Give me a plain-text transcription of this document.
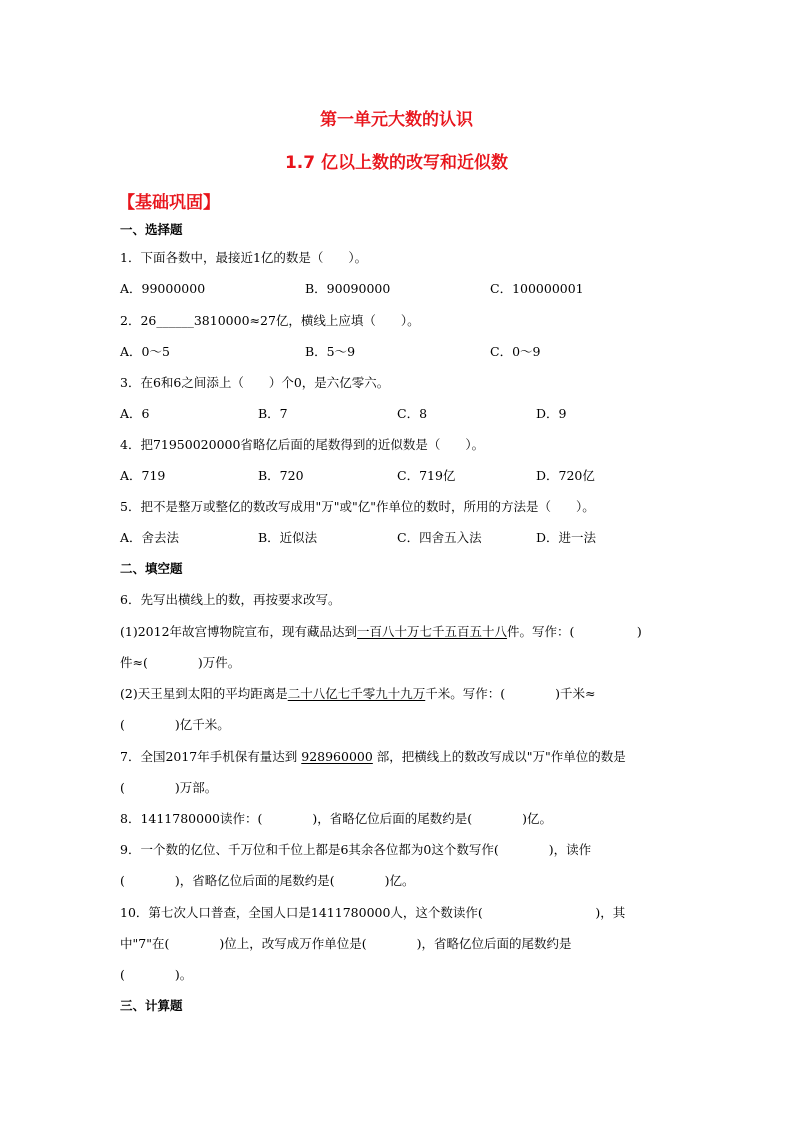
第一单元大数的认识
1.7 亿以上数的改写和近似数
【基础巩固】
一、选择题
1．下面各数中，最接近1亿的数是（　　）。
A．99000000	B．90090000	C．100000001
2．26______3810000≈27亿，横线上应填（　　）。
A．0～5	B．5～9	C．0～9
3．在6和6之间添上（　　）个0，是六亿零六。
A．6	B．7	C．8	D．9
4．把71950020000省略亿后面的尾数得到的近似数是（　　）。
A．719	B．720	C．719亿	D．720亿
5．把不是整万或整亿的数改写成用"万"或"亿"作单位的数时，所用的方法是（　　）。
A．舍去法	B．近似法	C．四舍五入法	D．进一法
二、填空题
6．先写出横线上的数，再按要求改写。
(1)2012年故宫博物院宣布，现有藏品达到一百八十万七千五百五十八件。写作：(　　　　　)
件≈(　　　　)万件。
(2)天王星到太阳的平均距离是二十八亿七千零九十九万千米。写作：(　　　　)千米≈
(　　　　)亿千米。
7．全国2017年手机保有量达到 928960000 部，把横线上的数改写成以"万"作单位的数是
(　　　　)万部。
8．1411780000读作：(　　　　)，省略亿位后面的尾数约是(　　　　)亿。
9．一个数的亿位、千万位和千位上都是6其余各位都为0这个数写作(　　　　)，读作
(　　　　)，省略亿位后面的尾数约是(　　　　)亿。
10．第七次人口普查，全国人口是1411780000人，这个数读作(　　　　　　　　　)，其
中"7"在(　　　　)位上，改写成万作单位是(　　　　)，省略亿位后面的尾数约是
(　　　　)。
三、计算题
